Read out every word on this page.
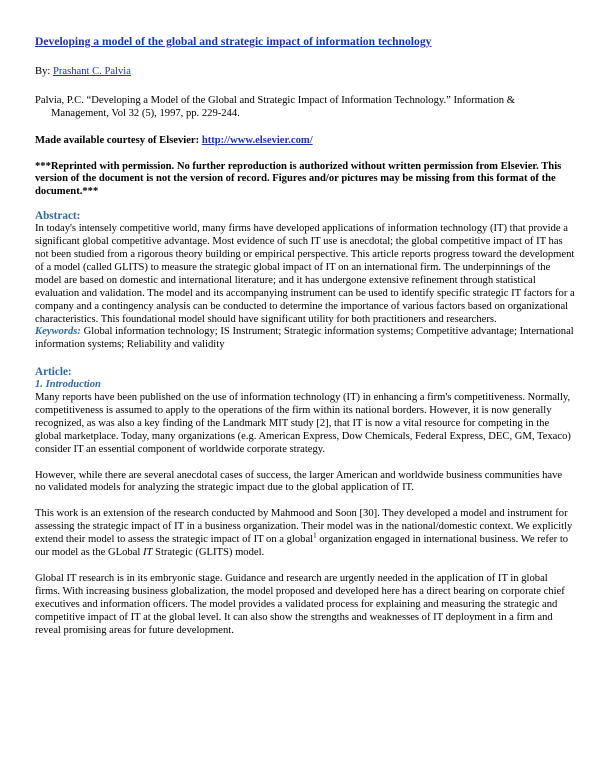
Developing a model of the global and strategic impact of information technology
By: Prashant C. Palvia
Palvia, P.C. “Developing a Model of the Global and Strategic Impact of Information Technology.” Information & Management, Vol 32 (5), 1997, pp. 229-244.
Made available courtesy of Elsevier: http://www.elsevier.com/
***Reprinted with permission. No further reproduction is authorized without written permission from Elsevier. This version of the document is not the version of record. Figures and/or pictures may be missing from this format of the document.***
Abstract:
In today's intensely competitive world, many firms have developed applications of information technology (IT) that provide a significant global competitive advantage. Most evidence of such IT use is anecdotal; the global competitive impact of IT has not been studied from a rigorous theory building or empirical perspective. This article reports progress toward the development of a model (called GLITS) to measure the strategic global impact of IT on an international firm. The underpinnings of the model are based on domestic and international literature; and it has undergone extensive refinement through statistical evaluation and validation. The model and its accompanying instrument can be used to identify specific strategic IT factors for a company and a contingency analysis can be conducted to determine the importance of various factors based on organizational characteristics. This foundational model should have significant utility for both practitioners and researchers.
Keywords: Global information technology; IS Instrument; Strategic information systems; Competitive advantage; International information systems; Reliability and validity
Article:
1. Introduction
Many reports have been published on the use of information technology (IT) in enhancing a firm's competitiveness. Normally, competitiveness is assumed to apply to the operations of the firm within its national borders. However, it is now generally recognized, as was also a key finding of the Landmark MIT study [2], that IT is now a vital resource for competing in the global marketplace. Today, many organizations (e.g. American Express, Dow Chemicals, Federal Express, DEC, GM, Texaco) consider IT an essential component of worldwide corporate strategy.
However, while there are several anecdotal cases of success, the larger American and worldwide business communities have no validated models for analyzing the strategic impact due to the global application of IT.
This work is an extension of the research conducted by Mahmood and Soon [30]. They developed a model and instrument for assessing the strategic impact of IT in a business organization. Their model was in the national/domestic context. We explicitly extend their model to assess the strategic impact of IT on a global$^1$ organization engaged in international business. We refer to our model as the GLobal IT Strategic (GLITS) model.
Global IT research is in its embryonic stage. Guidance and research are urgently needed in the application of IT in global firms. With increasing business globalization, the model proposed and developed here has a direct bearing on corporate chief executives and information officers. The model provides a validated process for explaining and measuring the strategic and competitive impact of IT at the global level. It can also show the strengths and weaknesses of IT deployment in a firm and reveal promising areas for future development.
